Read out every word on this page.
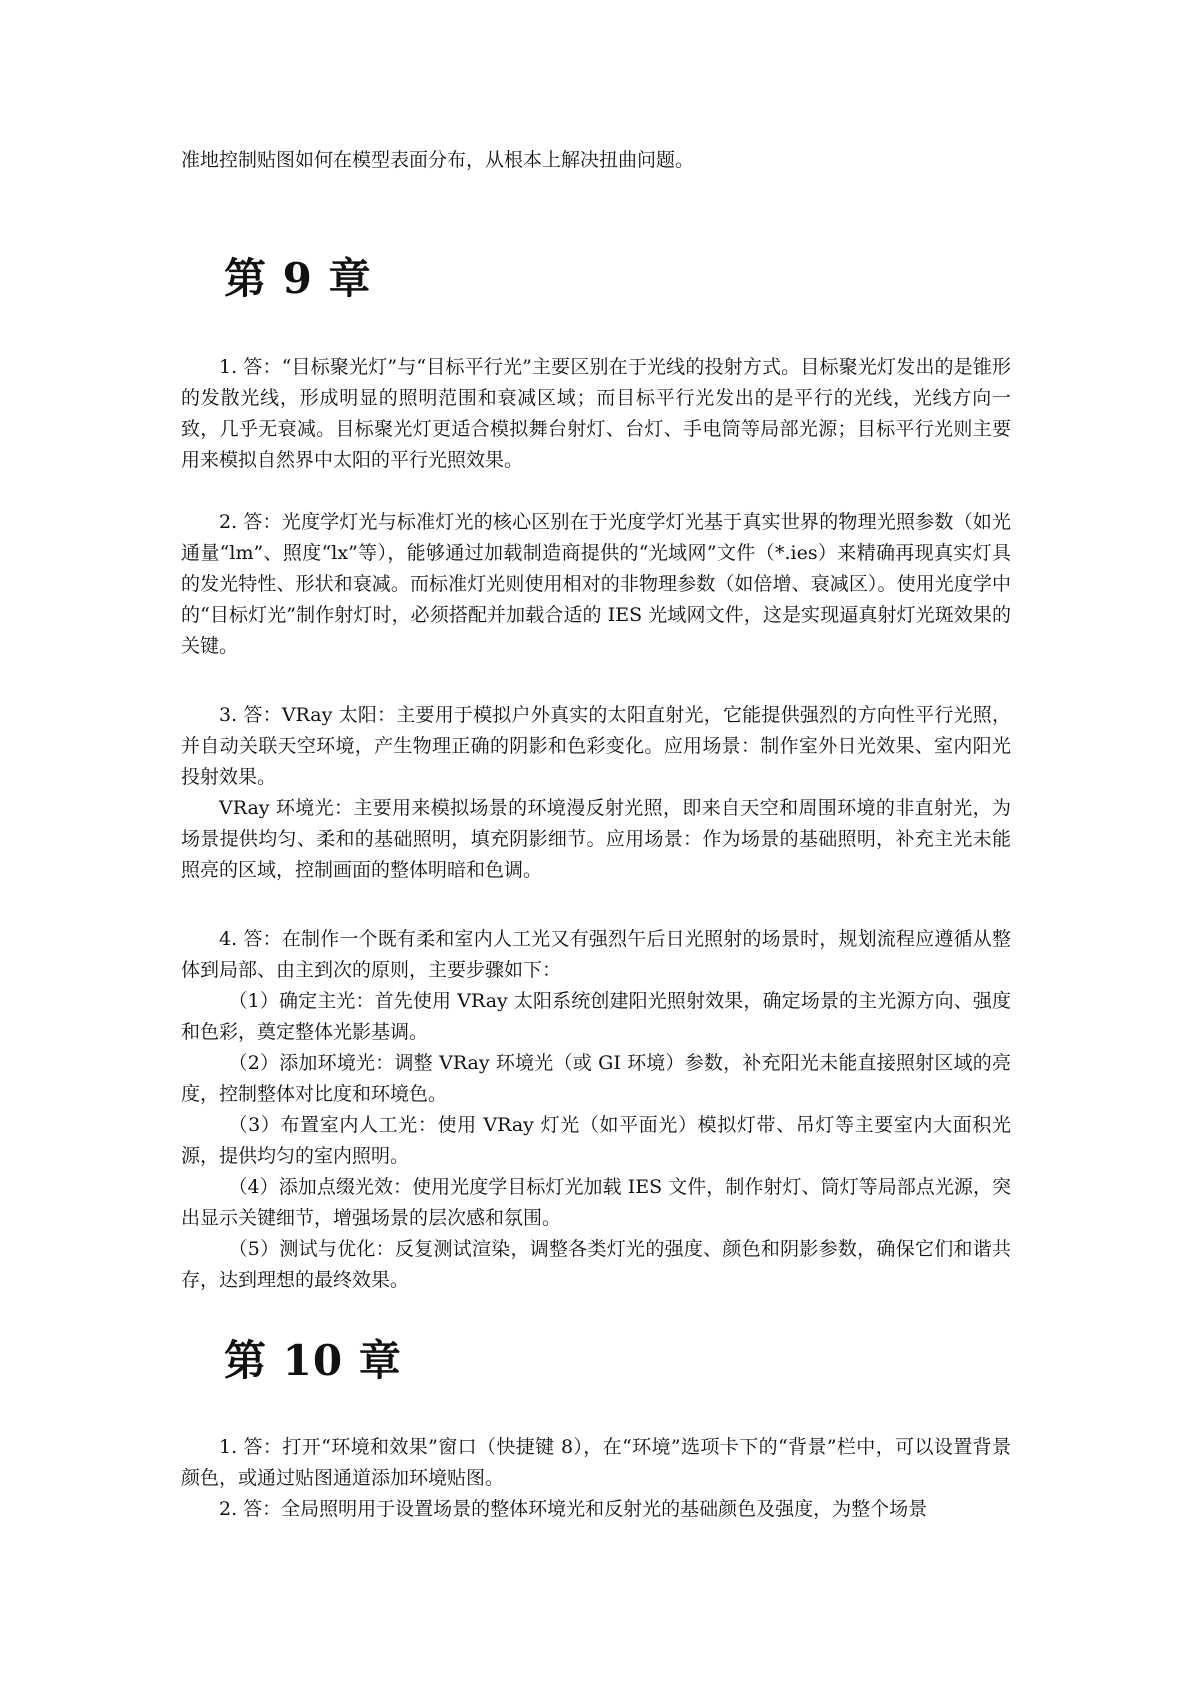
准地控制贴图如何在模型表面分布，从根本上解决扭曲问题。

第 9 章

1. 答：“目标聚光灯”与“目标平行光”主要区别在于光线的投射方式。目标聚光灯发出的是锥形的发散光线，形成明显的照明范围和衰减区域；而目标平行光发出的是平行的光线，光线方向一致，几乎无衰减。目标聚光灯更适合模拟舞台射灯、台灯、手电筒等局部光源；目标平行光则主要用来模拟自然界中太阳的平行光照效果。

2. 答：光度学灯光与标准灯光的核心区别在于光度学灯光基于真实世界的物理光照参数（如光通量“lm”、照度“lx”等），能够通过加载制造商提供的“光域网”文件（*.ies）来精确再现真实灯具的发光特性、形状和衰减。而标准灯光则使用相对的非物理参数（如倍增、衰减区）。使用光度学中的“目标灯光”制作射灯时，必须搭配并加载合适的 IES 光域网文件，这是实现逼真射灯光斑效果的关键。

3. 答：VRay 太阳：主要用于模拟户外真实的太阳直射光，它能提供强烈的方向性平行光照，并自动关联天空环境，产生物理正确的阴影和色彩变化。应用场景：制作室外日光效果、室内阳光投射效果。

VRay 环境光：主要用来模拟场景的环境漫反射光照，即来自天空和周围环境的非直射光，为场景提供均匀、柔和的基础照明，填充阴影细节。应用场景：作为场景的基础照明，补充主光未能照亮的区域，控制画面的整体明暗和色调。

4. 答：在制作一个既有柔和室内人工光又有强烈午后日光照射的场景时，规划流程应遵循从整体到局部、由主到次的原则，主要步骤如下：

（1）确定主光：首先使用 VRay 太阳系统创建阳光照射效果，确定场景的主光源方向、强度和色彩，奠定整体光影基调。

（2）添加环境光：调整 VRay 环境光（或 GI 环境）参数，补充阳光未能直接照射区域的亮度，控制整体对比度和环境色。

（3）布置室内人工光：使用 VRay 灯光（如平面光）模拟灯带、吊灯等主要室内大面积光源，提供均匀的室内照明。

（4）添加点缀光效：使用光度学目标灯光加载 IES 文件，制作射灯、筒灯等局部点光源，突出显示关键细节，增强场景的层次感和氛围。

（5）测试与优化：反复测试渲染，调整各类灯光的强度、颜色和阴影参数，确保它们和谐共存，达到理想的最终效果。

第 10 章

1. 答：打开“环境和效果”窗口（快捷键 8），在“环境”选项卡下的“背景”栏中，可以设置背景颜色，或通过贴图通道添加环境贴图。

2. 答：全局照明用于设置场景的整体环境光和反射光的基础颜色及强度，为整个场景
